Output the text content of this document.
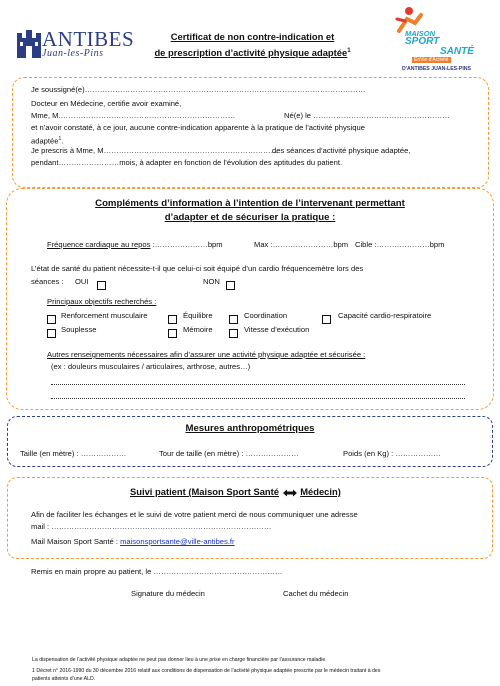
ANTIBES
Juan-les-Pins
Certificat de non contre-indication et
de prescription d’activité physique adaptée$^1$
MAISON
SPORT
SANTÉ
EnVie d'Activité
D'ANTIBES JUAN-LES-PINS
Je soussigné(e)…………………………………………………………………………………………………
Docteur en Médecine, certifie avoir examiné,
Mme, M.……………………………………………………………	Né(e) le ………………………………………………
et n’avoir constaté, à ce jour, aucune contre-indication apparente à la pratique de l’activité physique
adaptée$^1$.
Je prescris à Mme, M……………………………………………………………
des séances d’activité physique adaptée,
pendant……………………mois, à adapter en fonction de l’évolution des aptitudes du patient.
Compléments d’information à l’intention de l’intervenant permettant
d’adapter et de sécuriser la pratique :
Fréquence cardiaque au repos :…………………bpm	Max :……………………bpm Cible :…………………bpm
L’état de santé du patient nécessite-t-il que celui-ci soit équipé d’un cardio fréquencemètre lors des
séances : OUI	NON
Principaux objectifs recherchés :
Renforcement musculaire	Équilibre	Coordination	Capacité cardio-respiratoire
Souplesse	Mémoire	Vitesse d’exécution
Autres renseignements nécessaires afin d’assurer une activité physique adaptée et sécurisée :
(ex : douleurs musculaires / articulaires, arthrose, autres…)
Mesures anthropométriques
Taille (en mètre) : ………………	Tour de taille (en mètre) : …………………	Poids (en Kg) : ………………
Suivi patient (Maison Sport Santé Médecin)
Afin de faciliter les échanges et le suivi de votre patient merci de nous communiquer une adresse
mail : ……………………………………………………………………………
Mail Maison Sport Santé : maisonsportsante@ville-antibes.fr
Remis en main propre au patient, le ……………………………………………
Signature du médecin	Cachet du médecin
La dispensation de l’activité physique adaptée ne peut pas donner lieu à une prise en charge financière par l’assurance maladie.
1 Décret n° 2016-1990 du 30 décembre 2016 relatif aux conditions de dispensation de l’activité physique adaptée prescrite par le médecin traitant à des
patients atteints d’une ALD.
